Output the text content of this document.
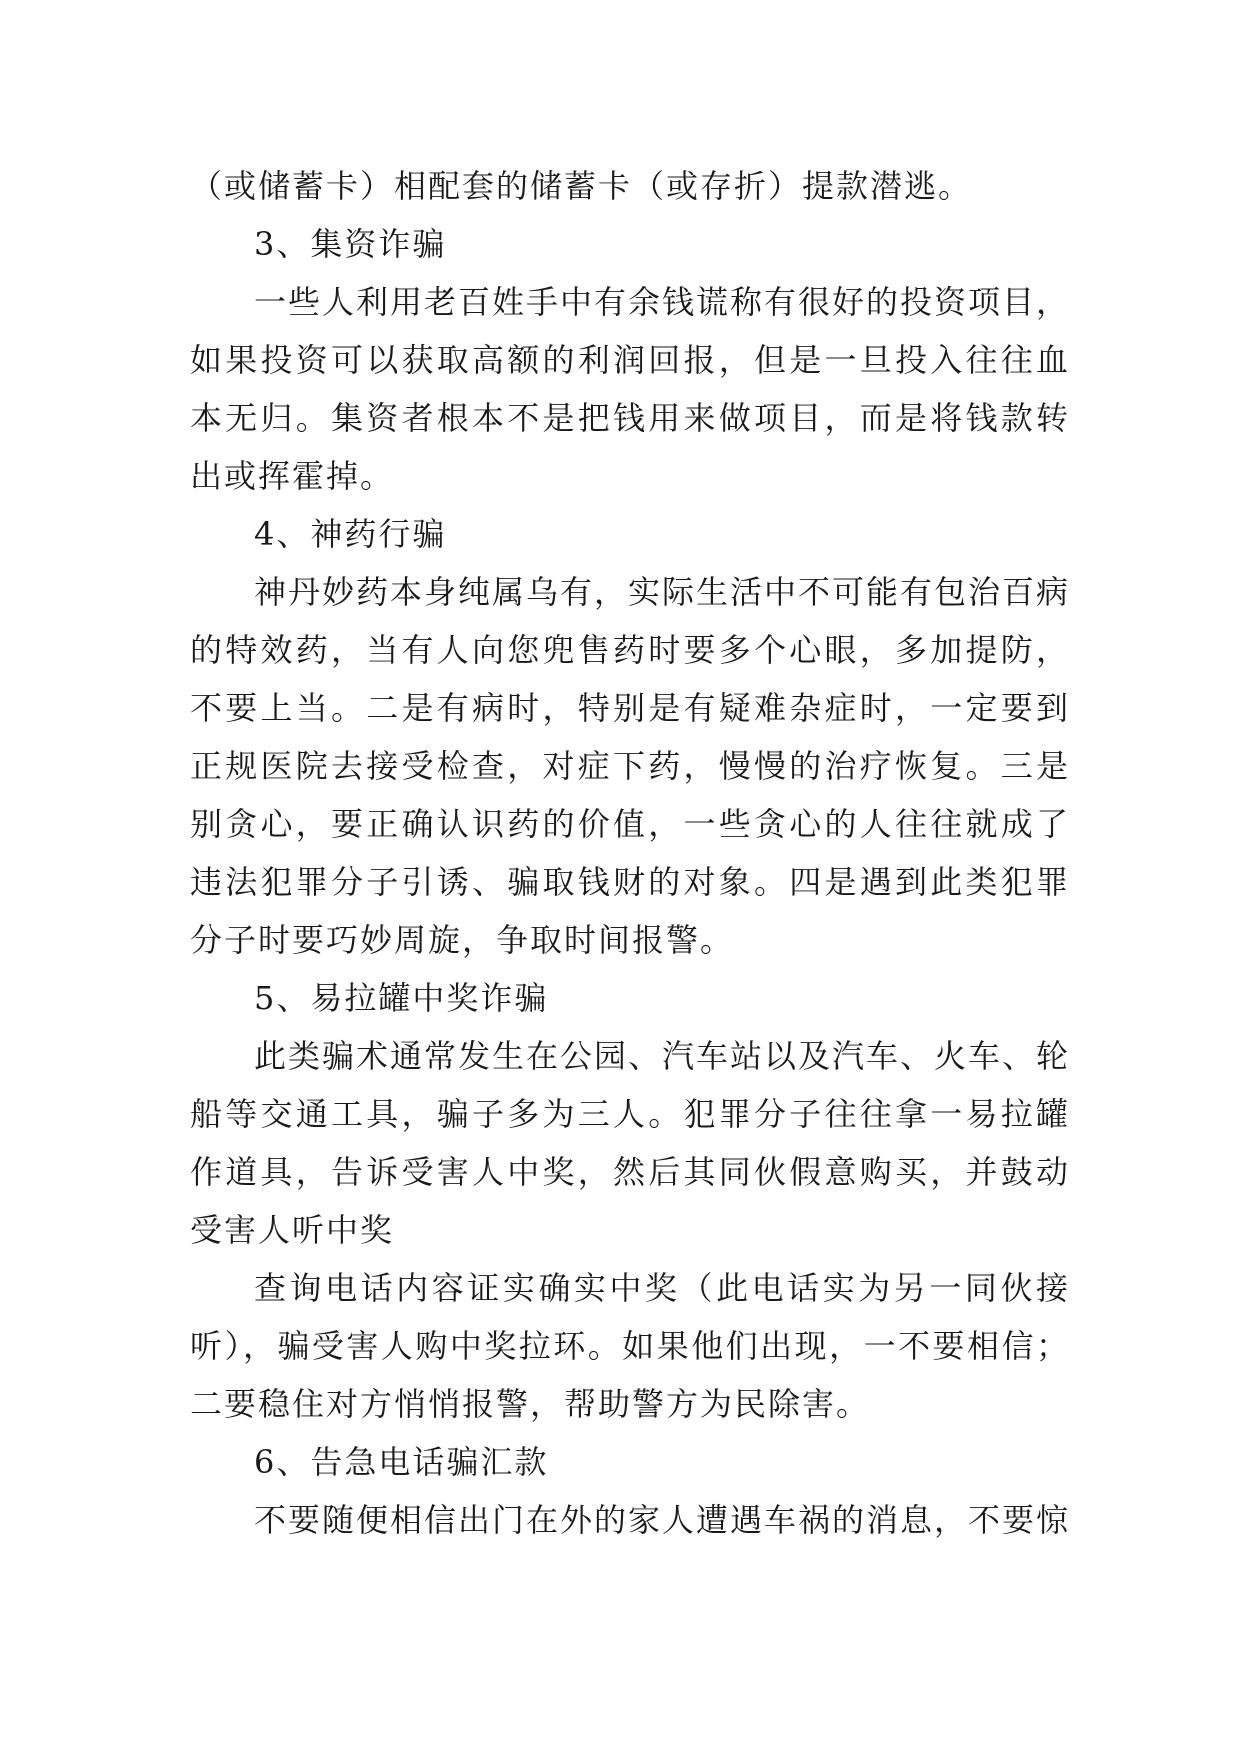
（或储蓄卡）相配套的储蓄卡（或存折）提款潜逃。

3、集资诈骗

一些人利用老百姓手中有余钱谎称有很好的投资项目，如果投资可以获取高额的利润回报，但是一旦投入往往血本无归。集资者根本不是把钱用来做项目，而是将钱款转出或挥霍掉。

4、神药行骗

神丹妙药本身纯属乌有，实际生活中不可能有包治百病的特效药，当有人向您兜售药时要多个心眼，多加提防，不要上当。二是有病时，特别是有疑难杂症时，一定要到正规医院去接受检查，对症下药，慢慢的治疗恢复。三是别贪心，要正确认识药的价值，一些贪心的人往往就成了违法犯罪分子引诱、骗取钱财的对象。四是遇到此类犯罪分子时要巧妙周旋，争取时间报警。

5、易拉罐中奖诈骗

此类骗术通常发生在公园、汽车站以及汽车、火车、轮船等交通工具，骗子多为三人。犯罪分子往往拿一易拉罐作道具，告诉受害人中奖，然后其同伙假意购买，并鼓动受害人听中奖

查询电话内容证实确实中奖（此电话实为另一同伙接听），骗受害人购中奖拉环。如果他们出现，一不要相信；二要稳住对方悄悄报警，帮助警方为民除害。

6、告急电话骗汇款

不要随便相信出门在外的家人遭遇车祸的消息，不要惊
